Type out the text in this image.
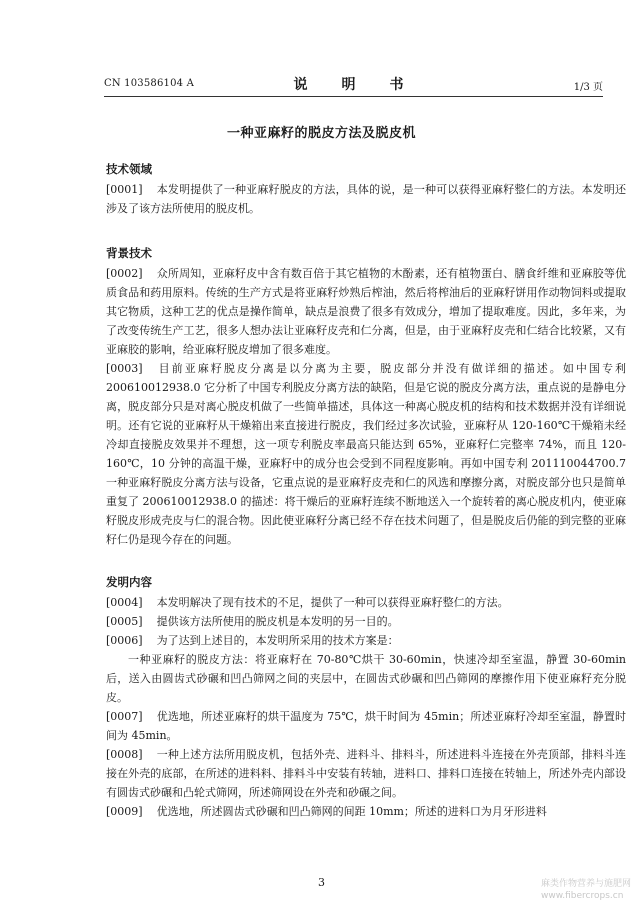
CN 103586104 A	说　明　书	1/3 页
一种亚麻籽的脱皮方法及脱皮机
技术领域

[0001] 本发明提供了一种亚麻籽脱皮的方法，具体的说，是一种可以获得亚麻籽整仁的方法。本发明还涉及了该方法所使用的脱皮机。

背景技术

[0002] 众所周知，亚麻籽皮中含有数百倍于其它植物的木酚素，还有植物蛋白、膳食纤维和亚麻胶等优质食品和药用原料。传统的生产方式是将亚麻籽炒熟后榨油，然后将榨油后的亚麻籽饼用作动物饲料或提取其它物质，这种工艺的优点是操作简单，缺点是浪费了很多有效成分，增加了提取难度。因此，多年来，为了改变传统生产工艺，很多人想办法让亚麻籽皮壳和仁分离，但是，由于亚麻籽皮壳和仁结合比较紧，又有亚麻胶的影响，给亚麻籽脱皮增加了很多难度。

[0003] 目前亚麻籽脱皮分离是以分离为主要，脱皮部分并没有做详细的描述。如中国专利 200610012938.0 它分析了中国专利脱皮分离方法的缺陷，但是它说的脱皮分离方法，重点说的是静电分离，脱皮部分只是对离心脱皮机做了一些简单描述，具体这一种离心脱皮机的结构和技术数据并没有详细说明。还有它说的亚麻籽从干燥箱出来直接进行脱皮，我们经过多次试验，亚麻籽从 120-160℃干燥箱未经冷却直接脱皮效果并不理想，这一项专利脱皮率最高只能达到 65%，亚麻籽仁完整率 74%，而且 120-160℃，10 分钟的高温干燥，亚麻籽中的成分也会受到不同程度影响。再如中国专利 201110044700.7 一种亚麻籽脱皮分离方法与设备，它重点说的是亚麻籽皮壳和仁的风选和摩擦分离，对脱皮部分也只是简单重复了 200610012938.0 的描述：将干燥后的亚麻籽连续不断地送入一个旋转着的离心脱皮机内，使亚麻籽脱皮形成壳皮与仁的混合物。因此使亚麻籽分离已经不存在技术问题了，但是脱皮后仍能的到完整的亚麻籽仁仍是现今存在的问题。

发明内容

[0004] 本发明解决了现有技术的不足，提供了一种可以获得亚麻籽整仁的方法。

[0005] 提供该方法所使用的脱皮机是本发明的另一目的。

[0006] 为了达到上述目的，本发明所采用的技术方案是：

一种亚麻籽的脱皮方法：将亚麻籽在 70-80℃烘干 30-60min，快速冷却至室温，静置 30-60min 后，送入由圆齿式砂碾和凹凸筛网之间的夹层中，在圆齿式砂碾和凹凸筛网的摩擦作用下使亚麻籽充分脱皮。

[0007] 优选地，所述亚麻籽的烘干温度为 75℃，烘干时间为 45min；所述亚麻籽冷却至室温，静置时间为 45min。

[0008] 一种上述方法所用脱皮机，包括外壳、进料斗、排料斗，所述进料斗连接在外壳顶部，排料斗连接在外壳的底部，在所述的进料料、排料斗中安装有转轴，进料口、排料口连接在转轴上，所述外壳内部设有圆齿式砂碾和凸轮式筛网，所述筛网设在外壳和砂碾之间。

[0009] 优选地，所述圆齿式砂碾和凹凸筛网的间距 10mm；所述的进料口为月牙形进料

3	麻类作物营养与施肥网
www.fibercrops.cn
